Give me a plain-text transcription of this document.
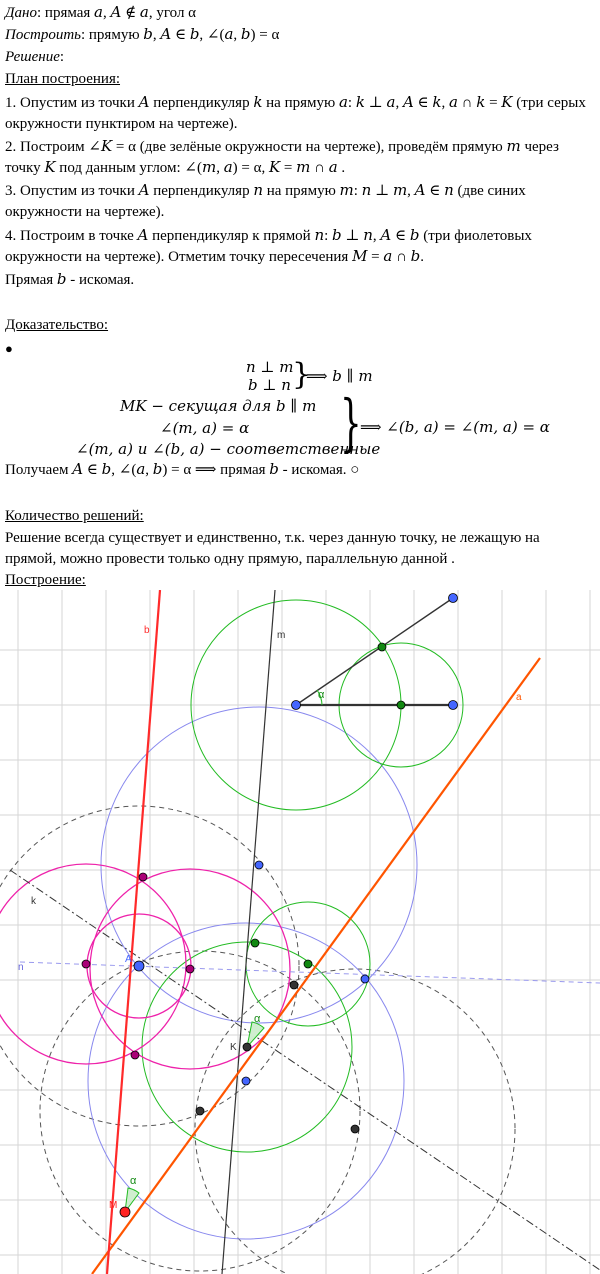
Дано: прямая 𝑎, 𝐴 ∉ 𝑎, угол α
Построить: прямую 𝑏, 𝐴 ∈ 𝑏, ∠(𝑎, 𝑏) = α
Решение:
План построения:
1. Опустим из точки 𝐴 перпендикуляр 𝑘 на прямую 𝑎: 𝑘 ⊥ 𝑎, 𝐴 ∈ 𝑘, 𝑎 ∩ 𝑘 = 𝐾 (три серых окружности пунктиром на чертеже).
2. Построим ∠𝐾 = α (две зелёные окружности на чертеже), проведём прямую 𝑚 через точку 𝐾 под данным углом: ∠(𝑚, 𝑎) = α, 𝐾 = 𝑚 ∩ 𝑎 .
3. Опустим из точки 𝐴 перпендикуляр 𝑛 на прямую 𝑚: 𝑛 ⊥ 𝑚, 𝐴 ∈ 𝑛 (две синих окружности на чертеже).
4. Построим в точке 𝐴 перпендикуляр к прямой 𝑛: 𝑏 ⊥ 𝑛, 𝐴 ∈ 𝑏 (три фиолетовых окружности на чертеже). Отметим точку пересечения 𝑀 = 𝑎 ∩ 𝑏.
Прямая 𝑏 - искомая.
Доказательство:
●
𝑛 ⊥ 𝑚
𝑏 ⊥ 𝑛 }
⟹ 𝑏 ∥ 𝑚
𝑀𝐾 − секущая для 𝑏 ∥ 𝑚
∠(𝑚, 𝑎) = α
∠(𝑚, 𝑎) и ∠(𝑏, 𝑎) − соответственные
}
⟹ ∠(𝑏, 𝑎) = ∠(𝑚, 𝑎) = α
Получаем 𝐴 ∈ 𝑏, ∠(𝑎, 𝑏) = α ⟹ прямая 𝑏 - искомая. ○
Количество решений:
Решение всегда существует и единственно, т.к. через данную точку, не лежащую на прямой, можно провести только одну прямую, параллельную данной .
Построение:
b	m
a
k
n
A
K
M
α
α
α
